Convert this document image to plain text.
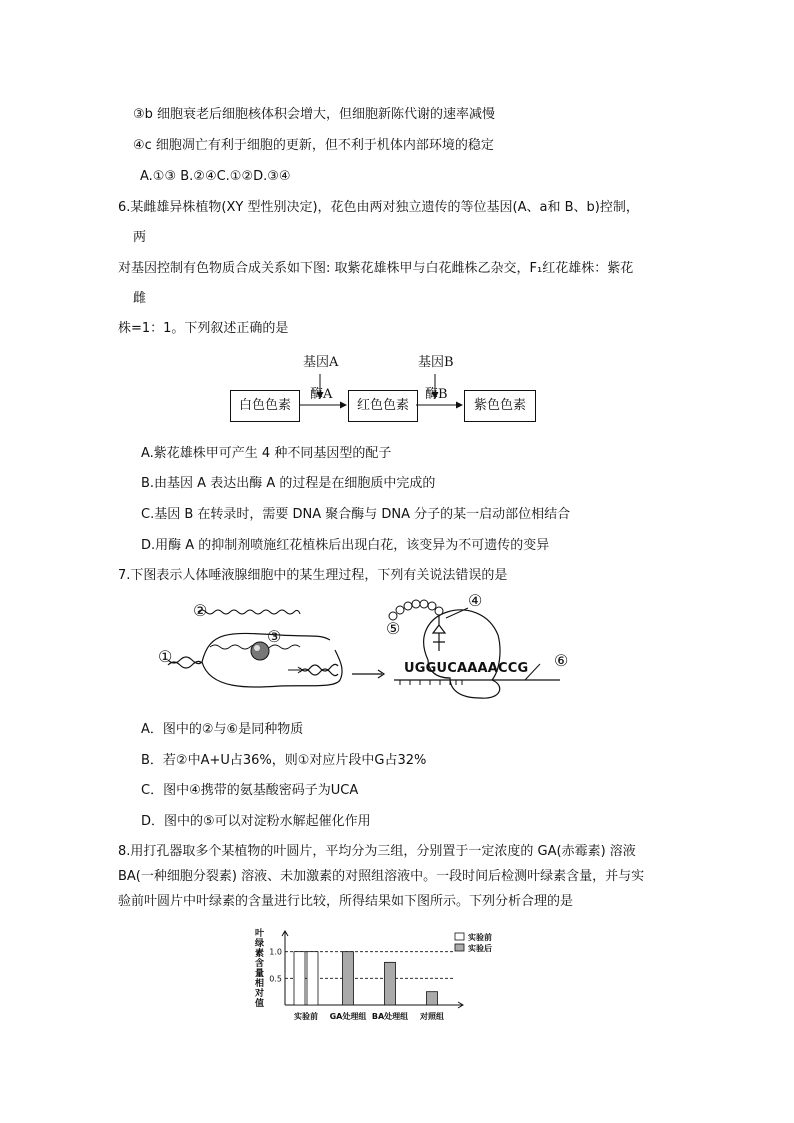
③b 细胞衰老后细胞核体积会增大，但细胞新陈代谢的速率减慢
④c 细胞凋亡有利于细胞的更新，但不利于机体内部环境的稳定
A.①③ B.②④C.①②D.③④
6.某雌雄异株植物(XY 型性别决定)，花色由两对独立遗传的等位基因(A、a和 B、b)控制，
两
对基因控制有色物质合成关系如下图: 取紫花雄株甲与白花雌株乙杂交，F₁红花雄株：紫花
雌
株=1：1。下列叙述正确的是
基因A	基因B
酶A	酶B
白色色素	红色色素	紫色色素
A.紫花雄株甲可产生 4 种不同基因型的配子
B.由基因 A 表达出酶 A 的过程是在细胞质中完成的
C.基因 B 在转录时，需要 DNA 聚合酶与 DNA 分子的某一启动部位相结合
D.用酶 A 的抑制剂喷施红花植株后出现白花，该变异为不可遗传的变异
7.下图表示人体唾液腺细胞中的某生理过程，下列有关说法错误的是
②
③
①
④
⑤
⑥
UGGUCAAAACCG
A．图中的②与⑥是同种物质
B．若②中A+U占36%，则①对应片段中G占32%
C．图中④携带的氨基酸密码子为UCA
D．图中的⑤可以对淀粉水解起催化作用
8.用打孔器取多个某植物的叶圆片，平均分为三组，分别置于一定浓度的 GA(赤霉素) 溶液
BA(一种细胞分裂素) 溶液、未加激素的对照组溶液中。一段时间后检测叶绿素含量，并与实
验前叶圆片中叶绿素的含量进行比较，所得结果如下图所示。下列分析合理的是
叶绿素含量相对值
1.0
0.5
实验前 GA处理组 BA处理组 对照组
实验前
实验后
